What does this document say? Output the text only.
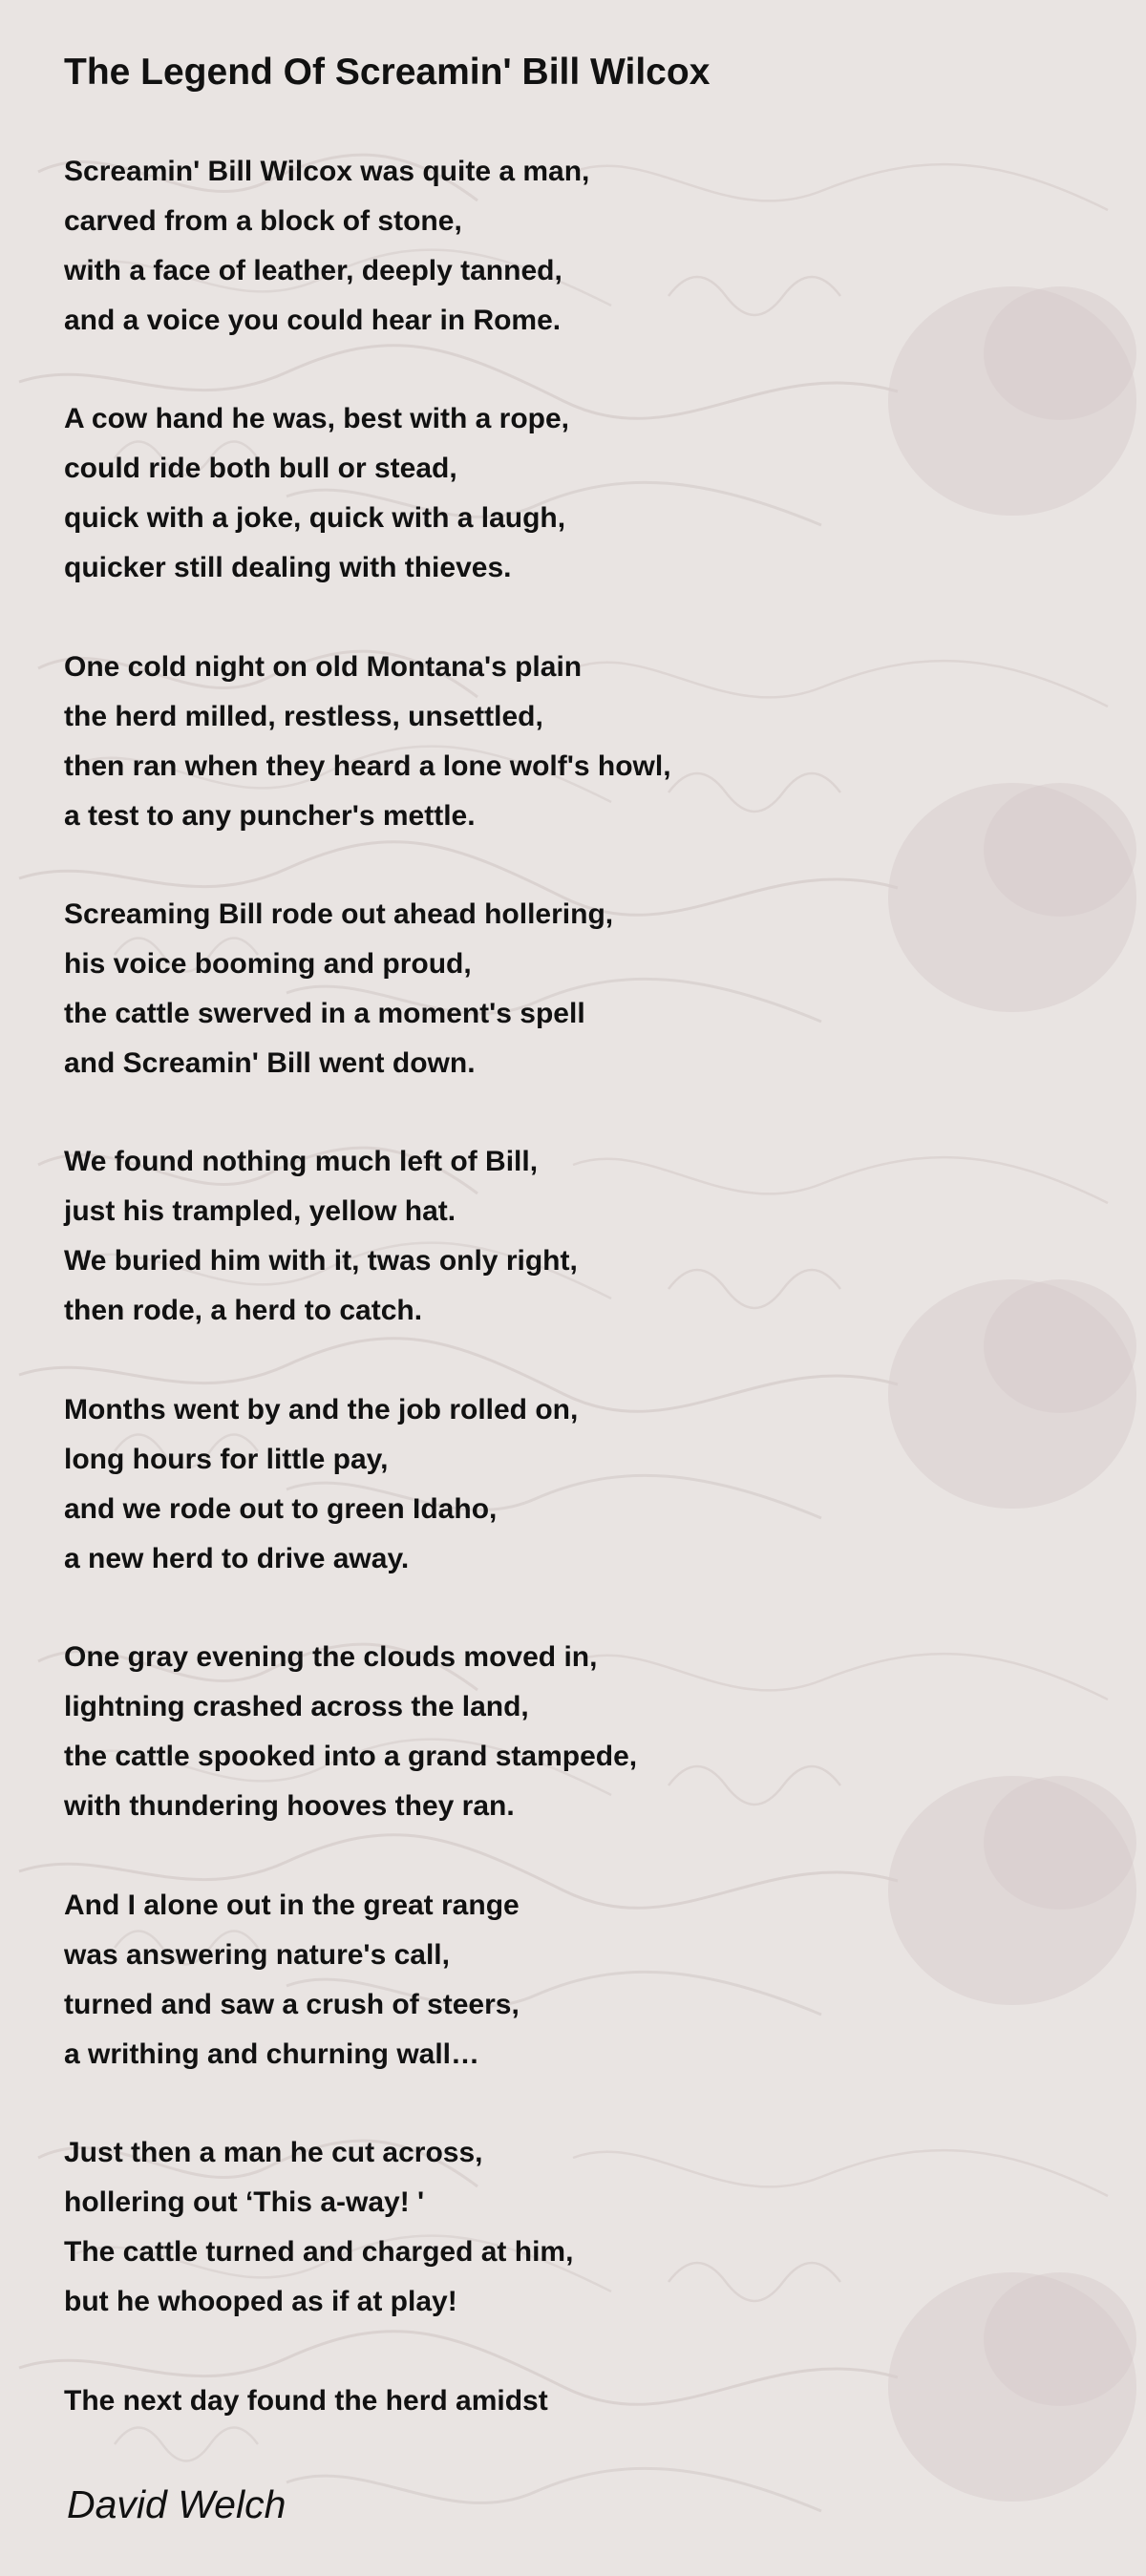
The Legend Of Screamin' Bill Wilcox
Screamin' Bill Wilcox was quite a man,
carved from a block of stone,
with a face of leather, deeply tanned,
and a voice you could hear in Rome.
A cow hand he was, best with a rope,
could ride both bull or stead,
quick with a joke, quick with a laugh,
quicker still dealing with thieves.
One cold night on old Montana's plain
the herd milled, restless, unsettled,
then ran when they heard a lone wolf's howl,
a test to any puncher's mettle.
Screaming Bill rode out ahead hollering,
his voice booming and proud,
the cattle swerved in a moment's spell
and Screamin' Bill went down.
We found nothing much left of Bill,
just his trampled, yellow hat.
We buried him with it, twas only right,
then rode, a herd to catch.
Months went by and the job rolled on,
long hours for little pay,
and we rode out to green Idaho,
a new herd to drive away.
One gray evening the clouds moved in,
lightning crashed across the land,
the cattle spooked into a grand stampede,
with thundering hooves they ran.
And I alone out in the great range
was answering nature's call,
turned and saw a crush of steers,
a writhing and churning wall…
Just then a man he cut across,
hollering out ‘This a-way! '
The cattle turned and charged at him,
but he whooped as if at play!
The next day found the herd amidst
David Welch
